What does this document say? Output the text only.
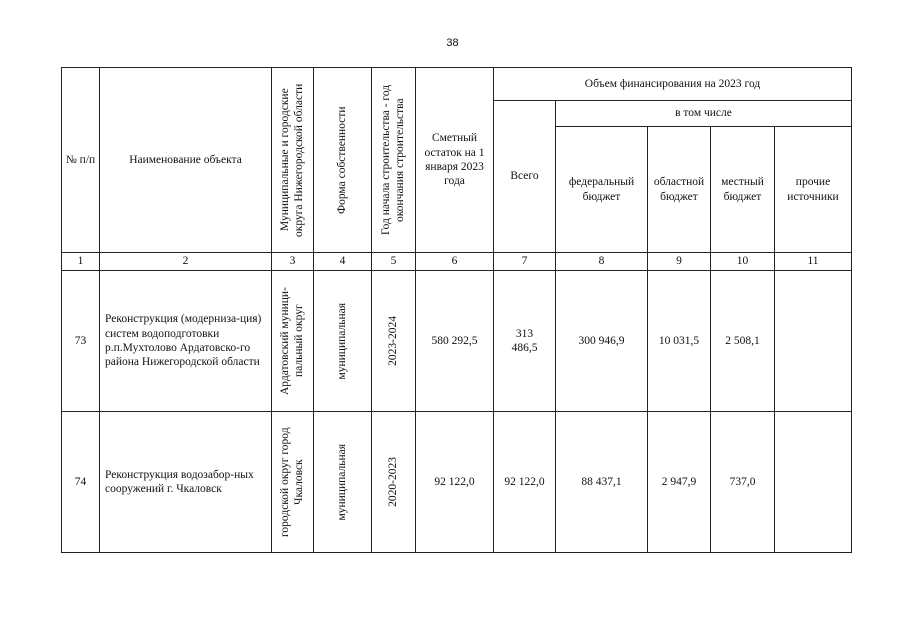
38
№ п/п	Наименование объекта	Муниципальные и городские округа Нижегородской области	Форма собственности	Год начала строительства - год окончания строительства	Сметный остаток на 1 января 2023 года	Объем финансирования на 2023 год				
						Всего	в том числе			
							федеральный бюджет	областной бюджет	местный бюджет	прочие источники
1	2	3	4	5	6	7	8	9	10	11
73	Реконструкция (модерниза-ция) систем водоподготовки р.п.Мухтолово Ардатовско-го района Нижегородской области	Ардатовский муници-пальный округ	муниципальная	2023-2024	580 292,5	313 486,5	300 946,9	10 031,5	2 508,1	
74	Реконструкция водозабор-ных сооружений г. Чкаловск	городской округ город Чкаловск	муниципальная	2020-2023	92 122,0	92 122,0	88 437,1	2 947,9	737,0	
